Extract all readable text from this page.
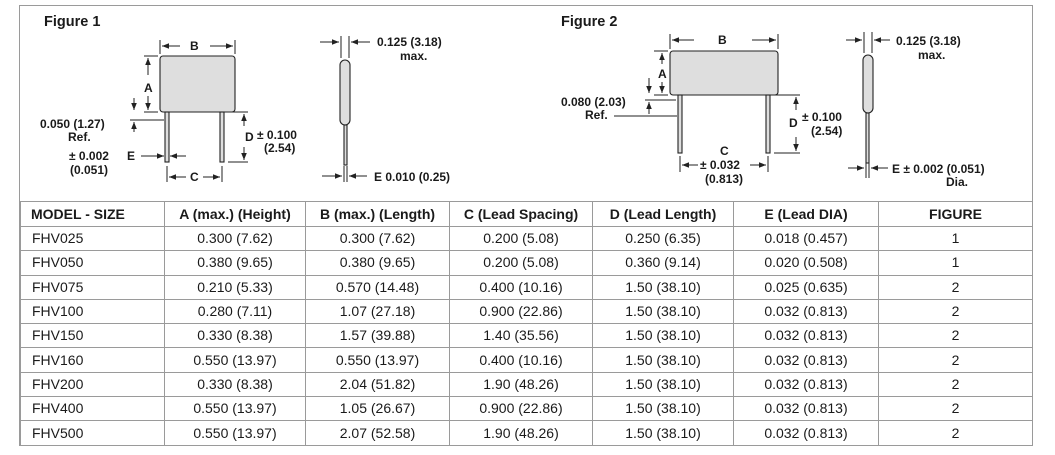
Figure 1
B
A
0.050 (1.27)
Ref.
± 0.002 E
(0.051)
D ± 0.100
(2.54)
C
0.125 (3.18)
max.
E 0.010 (0.25)
Figure 2
B
A
0.080 (2.03)
Ref.
D ± 0.100
(2.54)
C
± 0.032
(0.813)
0.125 (3.18)
max.
E ± 0.002 (0.051)
Dia.
MODEL - SIZE	A (max.) (Height)	B (max.) (Length)	C (Lead Spacing)	D (Lead Length)	E (Lead DIA)	FIGURE
FHV025	0.300 (7.62)	0.300 (7.62)	0.200 (5.08)	0.250 (6.35)	0.018 (0.457)	1
FHV050	0.380 (9.65)	0.380 (9.65)	0.200 (5.08)	0.360 (9.14)	0.020 (0.508)	1
FHV075	0.210 (5.33)	0.570 (14.48)	0.400 (10.16)	1.50 (38.10)	0.025 (0.635)	2
FHV100	0.280 (7.11)	1.07 (27.18)	0.900 (22.86)	1.50 (38.10)	0.032 (0.813)	2
FHV150	0.330 (8.38)	1.57 (39.88)	1.40 (35.56)	1.50 (38.10)	0.032 (0.813)	2
FHV160	0.550 (13.97)	0.550 (13.97)	0.400 (10.16)	1.50 (38.10)	0.032 (0.813)	2
FHV200	0.330 (8.38)	2.04 (51.82)	1.90 (48.26)	1.50 (38.10)	0.032 (0.813)	2
FHV400	0.550 (13.97)	1.05 (26.67)	0.900 (22.86)	1.50 (38.10)	0.032 (0.813)	2
FHV500	0.550 (13.97)	2.07 (52.58)	1.90 (48.26)	1.50 (38.10)	0.032 (0.813)	2
